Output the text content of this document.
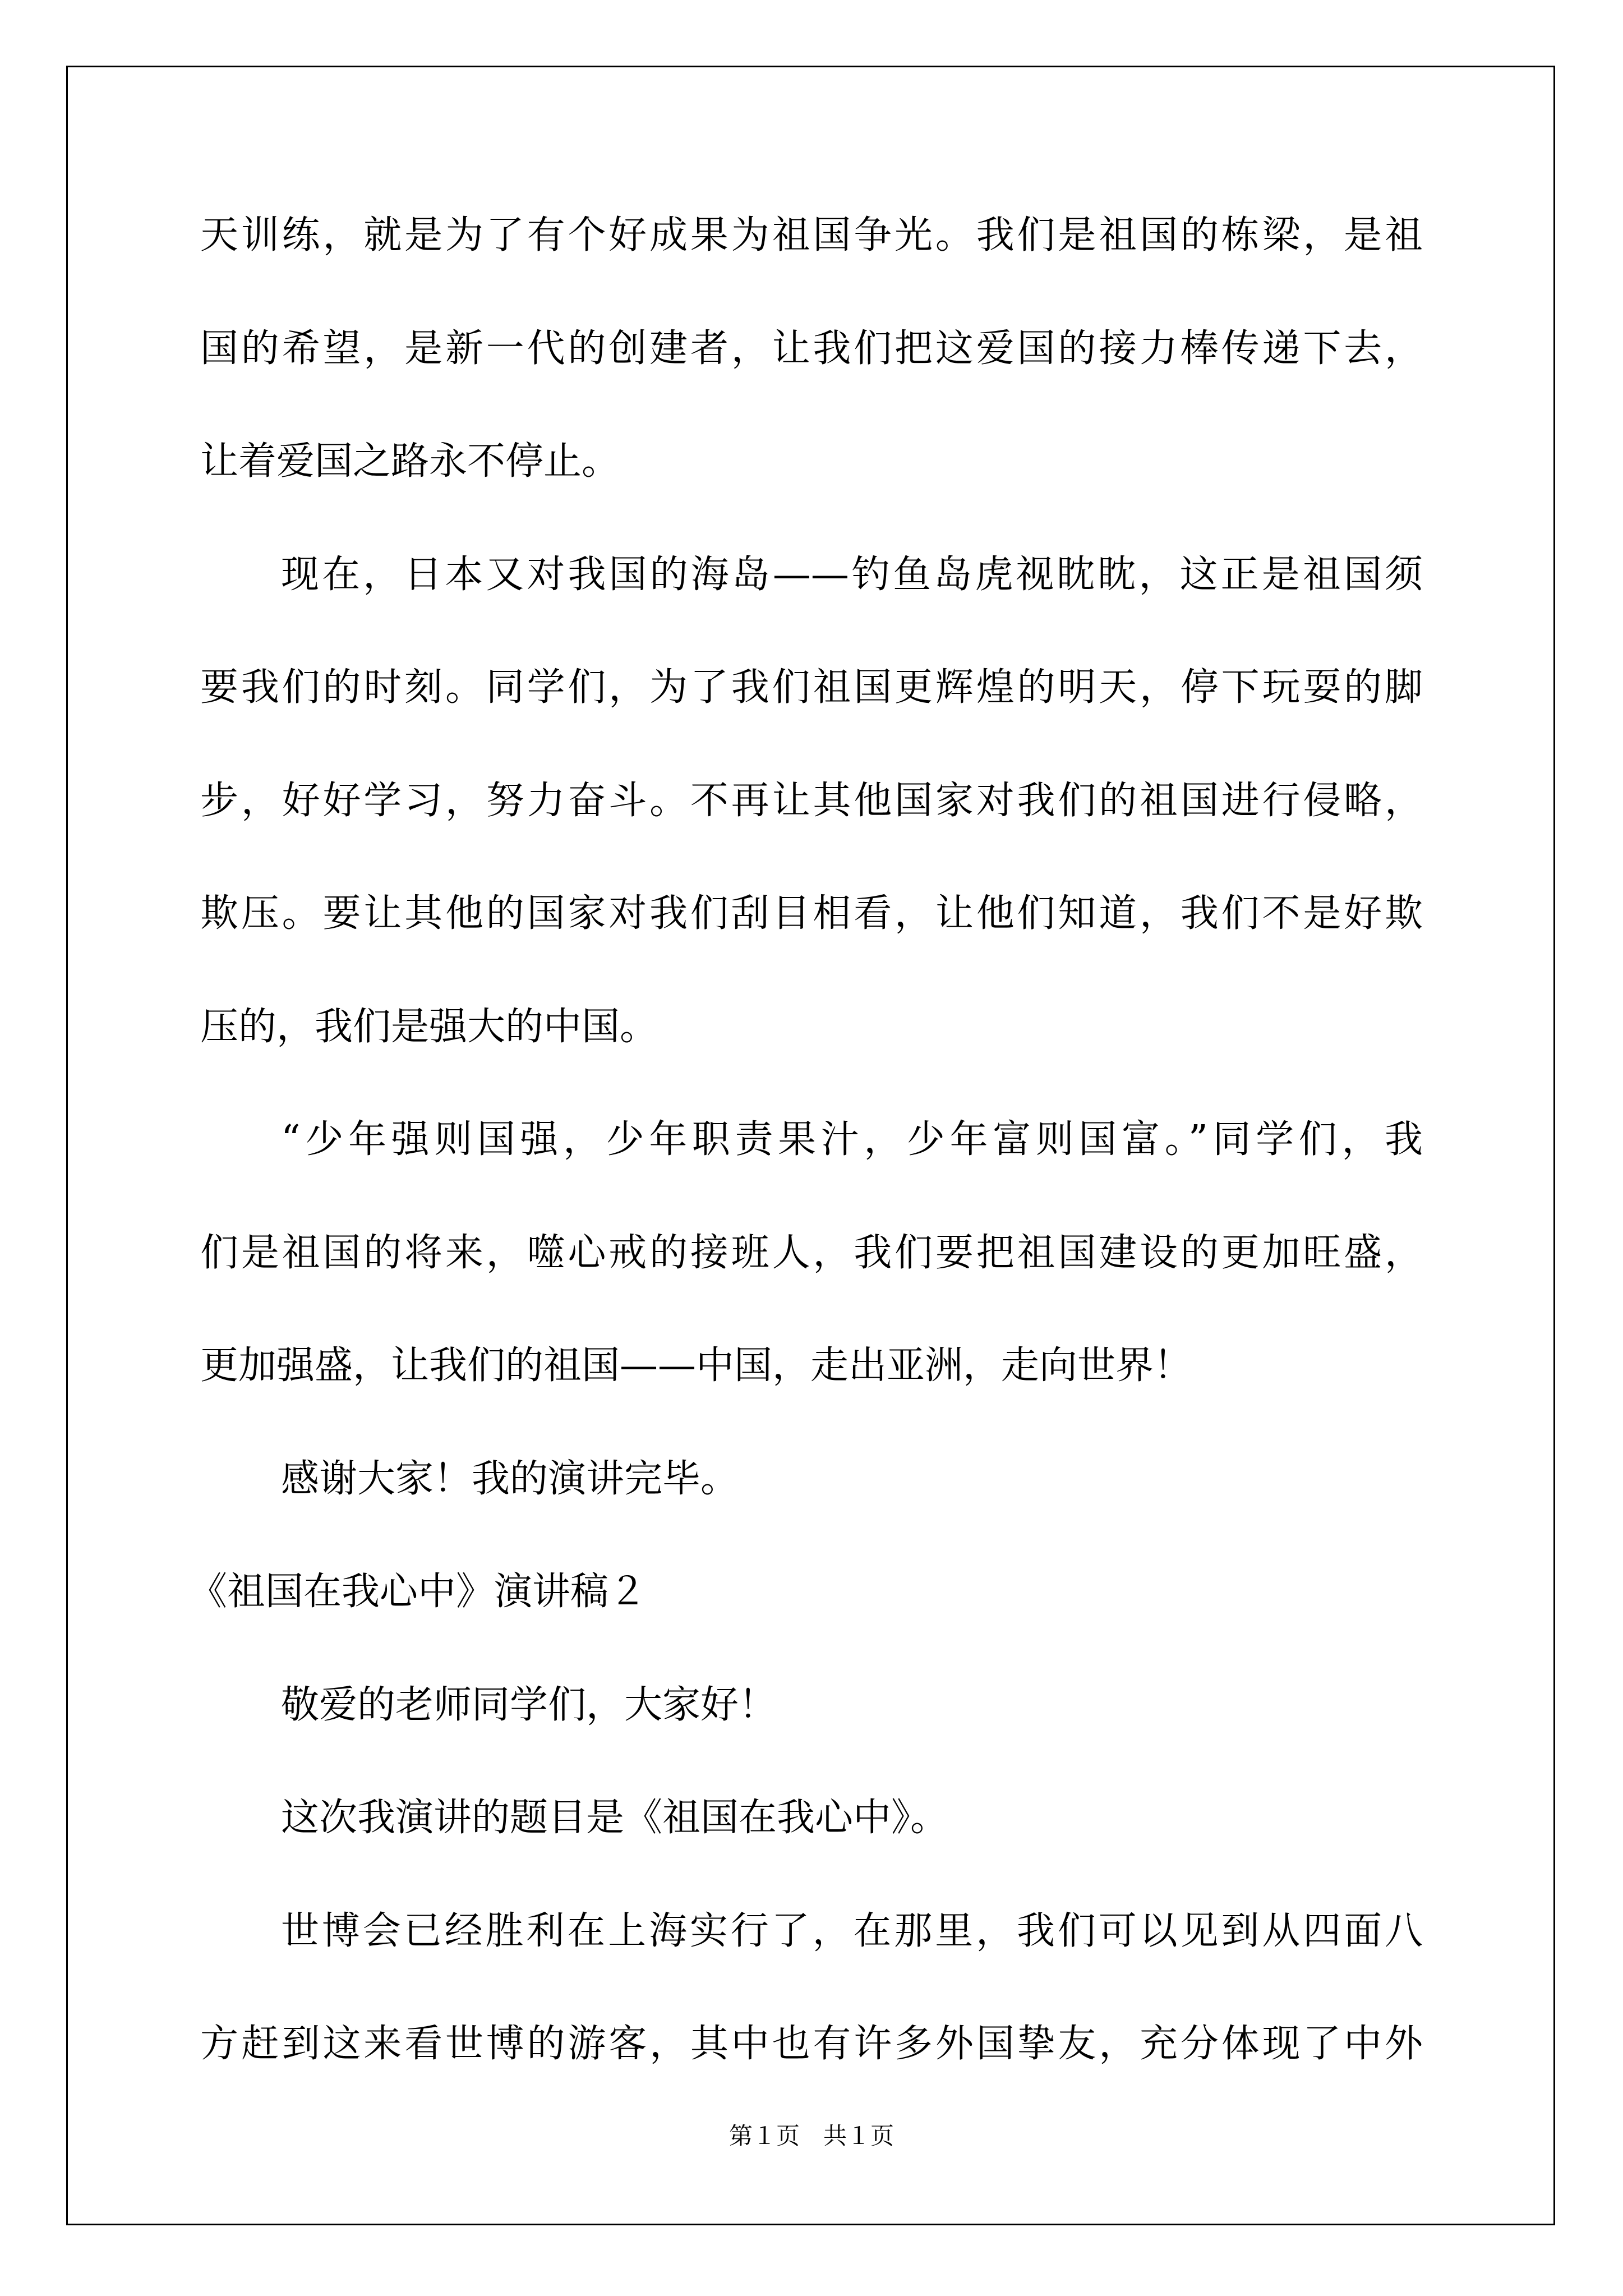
天训练，就是为了有个好成果为祖国争光。我们是祖国的栋梁，是祖
国的希望，是新一代的创建者，让我们把这爱国的接力棒传递下去，
让着爱国之路永不停止。
现在，日本又对我国的海岛——钓鱼岛虎视眈眈，这正是祖国须
要我们的时刻。同学们，为了我们祖国更辉煌的明天，停下玩耍的脚
步，好好学习，努力奋斗。不再让其他国家对我们的祖国进行侵略，
欺压。要让其他的国家对我们刮目相看，让他们知道，我们不是好欺
压的，我们是强大的中国。
“少年强则国强，少年职责果汁，少年富则国富。”同学们，我
们是祖国的将来，噬心戒的接班人，我们要把祖国建设的更加旺盛，
更加强盛，让我们的祖国——中国，走出亚洲，走向世界！
感谢大家！我的演讲完毕。
《祖国在我心中》演讲稿２
敬爱的老师同学们，大家好！
这次我演讲的题目是《祖国在我心中》。
世博会已经胜利在上海实行了，在那里，我们可以见到从四面八
方赶到这来看世博的游客，其中也有许多外国挚友，充分体现了中外
第１页　共１页
